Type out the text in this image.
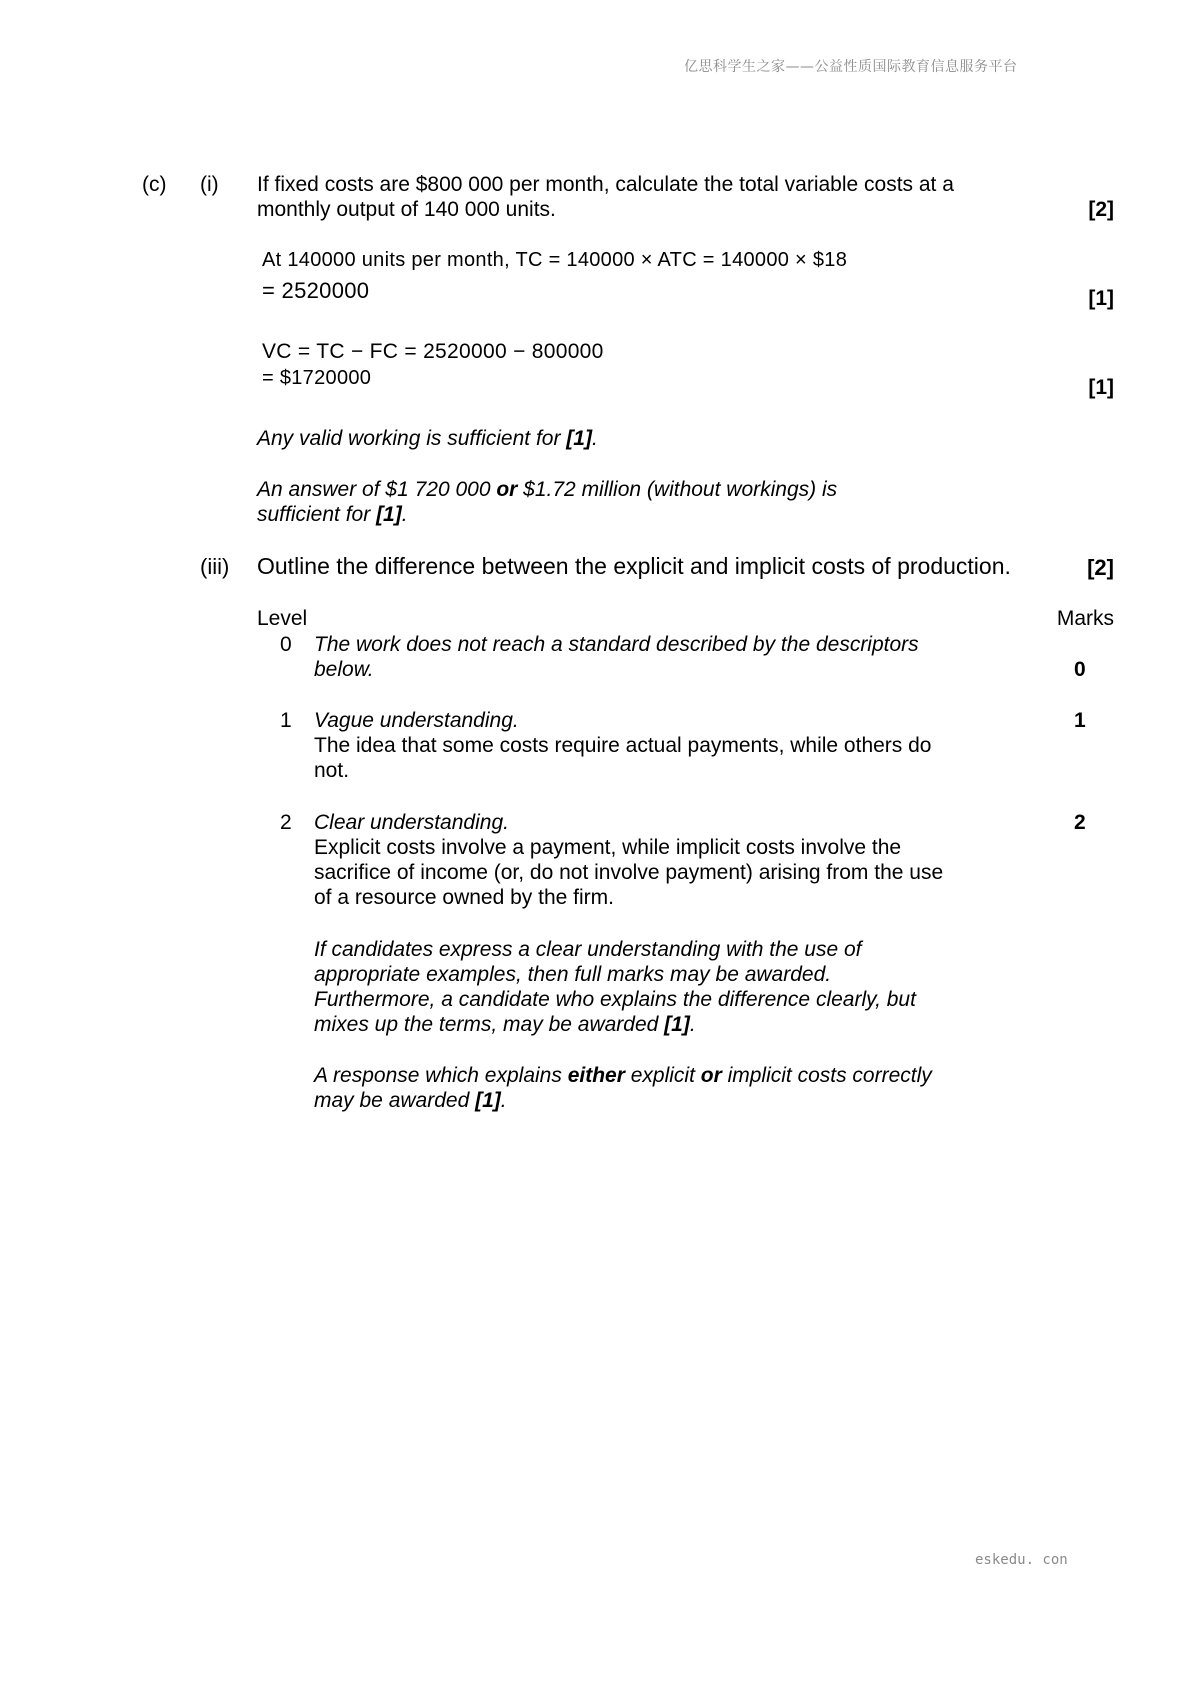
亿思科学生之家——公益性质国际教育信息服务平台
(c) (i) If fixed costs are $800 000 per month, calculate the total variable costs at a
monthly output of 140 000 units.	[2]
At 140000 units per month, TC = 140000 × ATC = 140000 × $18
= 2520000	[1]
VC = TC − FC = 2520000 − 800000
= $1720000	[1]
Any valid working is sufficient for [1].
An answer of $1 720 000 or $1.72 million (without workings) is
sufficient for [1].
(iii) Outline the difference between the explicit and implicit costs of production.	[2]
Level	Marks
0 The work does not reach a standard described by the descriptors
below.	0
1 Vague understanding.	1
The idea that some costs require actual payments, while others do
not.
2 Clear understanding.	2
Explicit costs involve a payment, while implicit costs involve the
sacrifice of income (or, do not involve payment) arising from the use
of a resource owned by the firm.
If candidates express a clear understanding with the use of
appropriate examples, then full marks may be awarded.
Furthermore, a candidate who explains the difference clearly, but
mixes up the terms, may be awarded [1].
A response which explains either explicit or implicit costs correctly
may be awarded [1].
eskedu. con
